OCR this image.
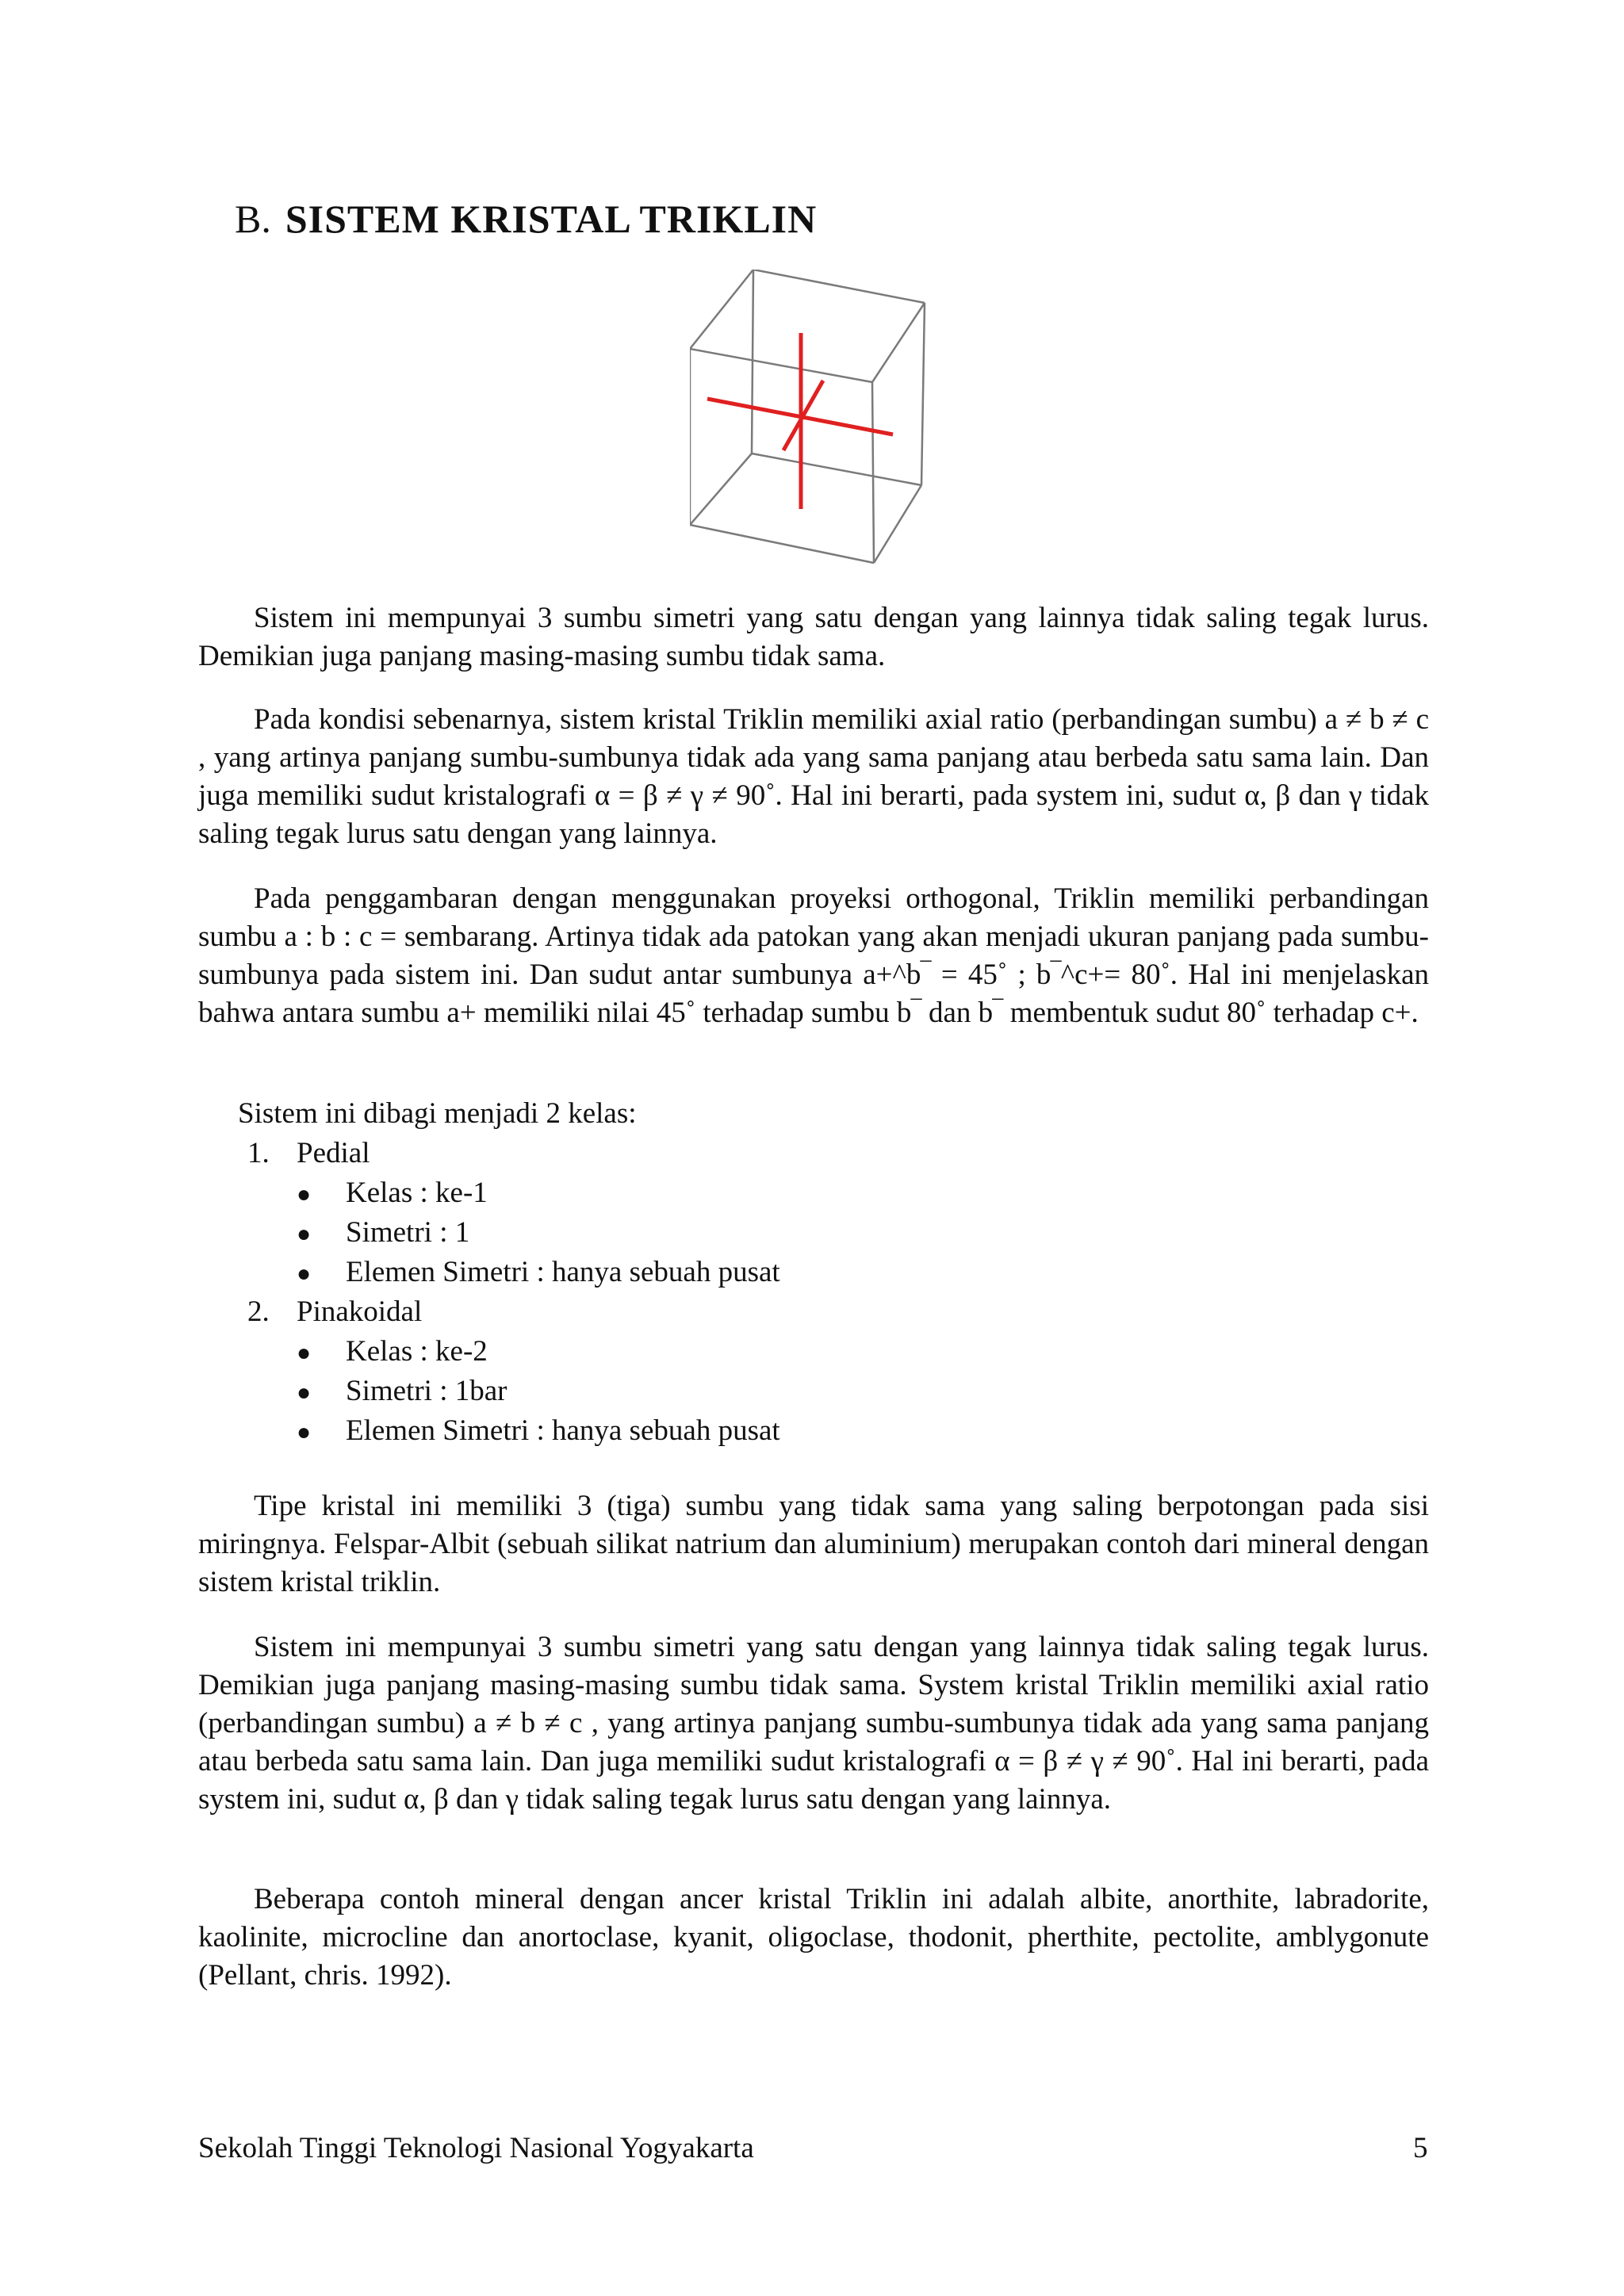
B. SISTEM KRISTAL TRIKLIN

Sistem ini mempunyai 3 sumbu simetri yang satu dengan yang lainnya tidak saling tegak lurus. Demikian juga panjang masing-masing sumbu tidak sama.

Pada kondisi sebenarnya, sistem kristal Triklin memiliki axial ratio (perbandingan sumbu) a ≠ b ≠ c , yang artinya panjang sumbu-sumbunya tidak ada yang sama panjang atau berbeda satu sama lain. Dan juga memiliki sudut kristalografi α = β ≠ γ ≠ 90˚. Hal ini berarti, pada system ini, sudut α, β dan γ tidak saling tegak lurus satu dengan yang lainnya.

Pada penggambaran dengan menggunakan proyeksi orthogonal, Triklin memiliki perbandingan sumbu a : b : c = sembarang. Artinya tidak ada patokan yang akan menjadi ukuran panjang pada sumbu-sumbunya pada sistem ini. Dan sudut antar sumbunya a+^b‾ = 45˚ ; b‾^c+= 80˚. Hal ini menjelaskan bahwa antara sumbu a+ memiliki nilai 45˚ terhadap sumbu b‾ dan b‾ membentuk sudut 80˚ terhadap c+.

Sistem ini dibagi menjadi 2 kelas:
1. Pedial
● Kelas : ke-1
● Simetri : 1
● Elemen Simetri : hanya sebuah pusat
2. Pinakoidal
● Kelas : ke-2
● Simetri : 1bar
● Elemen Simetri : hanya sebuah pusat

Tipe kristal ini memiliki 3 (tiga) sumbu yang tidak sama yang saling berpotongan pada sisi miringnya. Felspar-Albit (sebuah silikat natrium dan aluminium) merupakan contoh dari mineral dengan sistem kristal triklin.

Sistem ini mempunyai 3 sumbu simetri yang satu dengan yang lainnya tidak saling tegak lurus. Demikian juga panjang masing-masing sumbu tidak sama. System kristal Triklin memiliki axial ratio (perbandingan sumbu) a ≠ b ≠ c , yang artinya panjang sumbu-sumbunya tidak ada yang sama panjang atau berbeda satu sama lain. Dan juga memiliki sudut kristalografi α = β ≠ γ ≠ 90˚. Hal ini berarti, pada system ini, sudut α, β dan γ tidak saling tegak lurus satu dengan yang lainnya.

Beberapa contoh mineral dengan ancer kristal Triklin ini adalah albite, anorthite, labradorite, kaolinite, microcline dan anortoclase, kyanit, oligoclase, thodonit, pherthite, pectolite, amblygonute (Pellant, chris. 1992).

Sekolah Tinggi Teknologi Nasional Yogyakarta	5
